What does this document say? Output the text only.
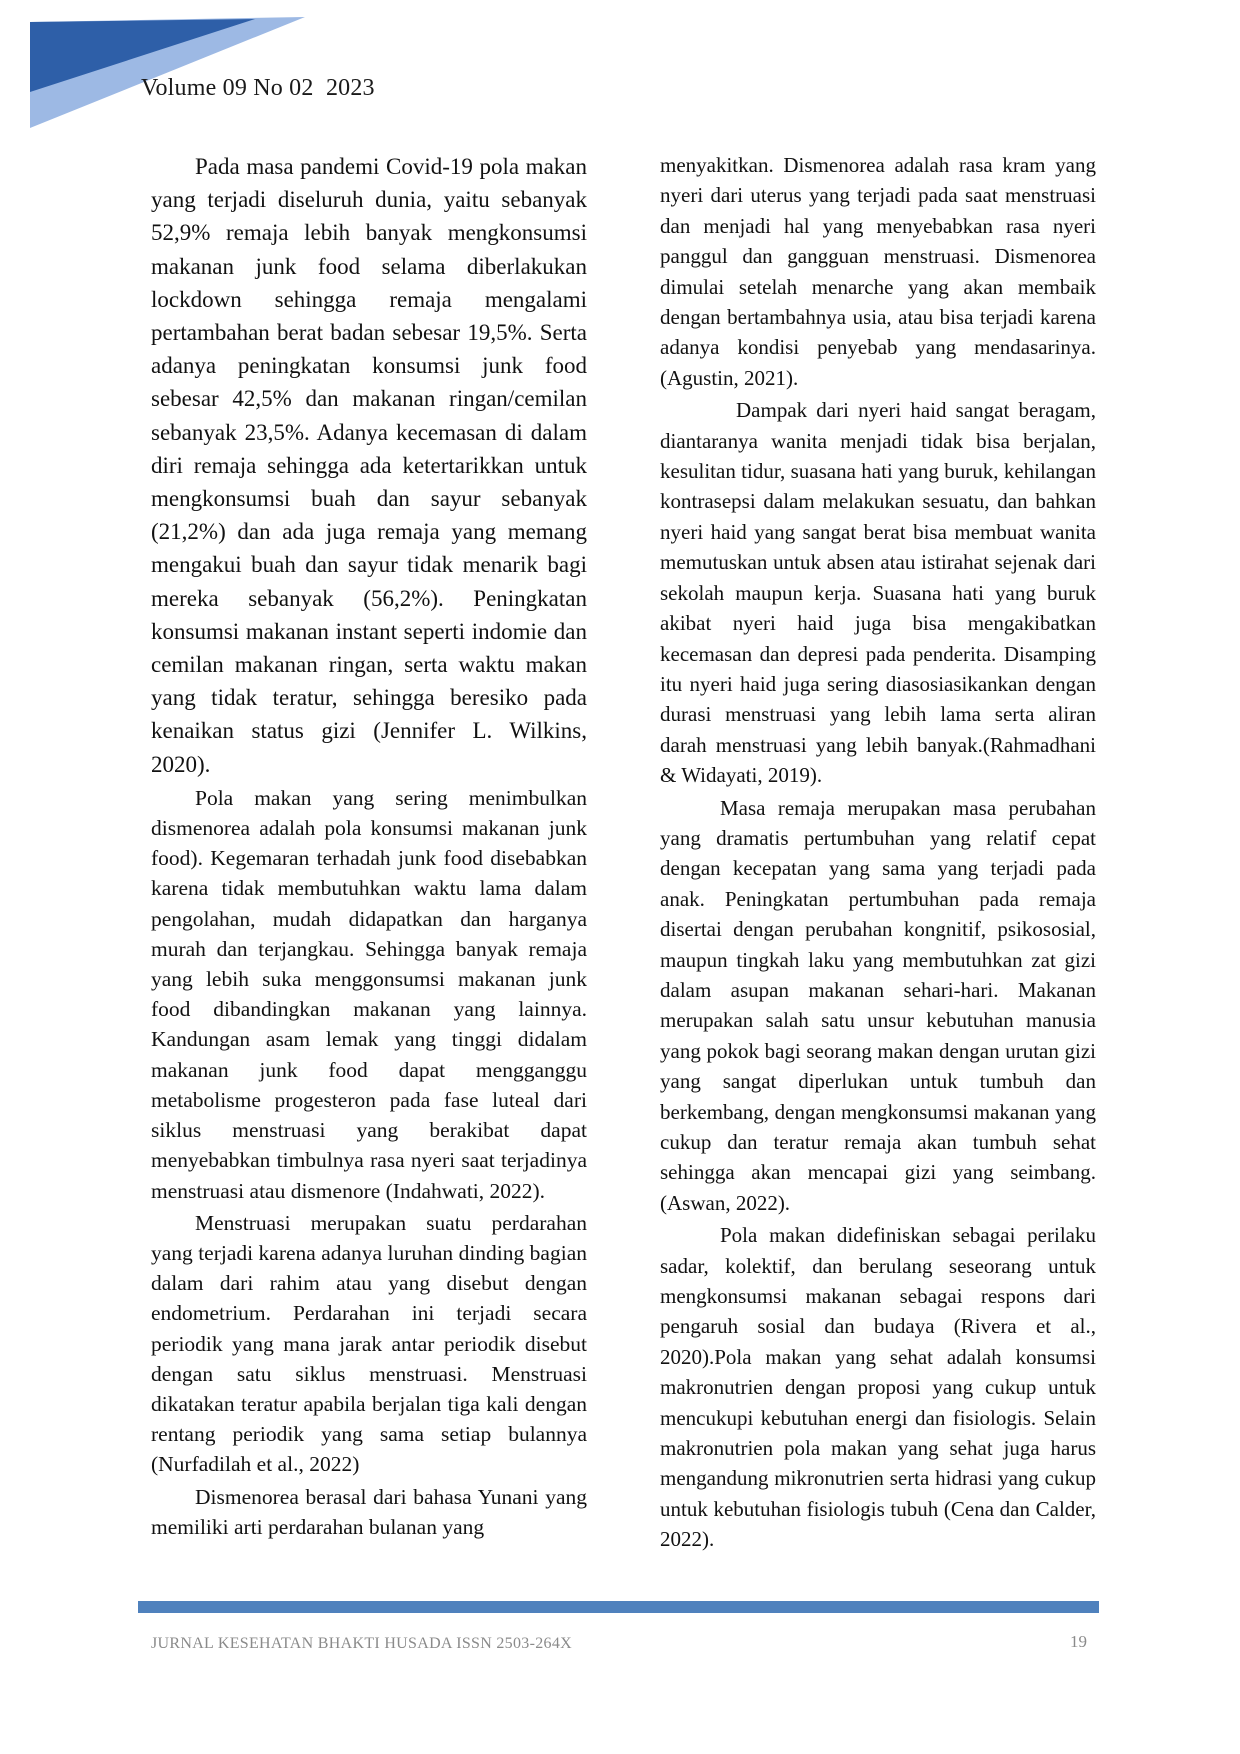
Volume 09 No 02  2023

Pada masa pandemi Covid-19 pola makan yang terjadi diseluruh dunia, yaitu sebanyak 52,9% remaja lebih banyak mengkonsumsi makanan junk food selama diberlakukan lockdown sehingga remaja mengalami pertambahan berat badan sebesar 19,5%. Serta adanya peningkatan konsumsi junk food sebesar 42,5% dan makanan ringan/cemilan sebanyak 23,5%. Adanya kecemasan di dalam diri remaja sehingga ada ketertarikkan untuk mengkonsumsi buah dan sayur sebanyak (21,2%) dan ada juga remaja yang memang mengakui buah dan sayur tidak menarik bagi mereka sebanyak (56,2%). Peningkatan konsumsi makanan instant seperti indomie dan cemilan makanan ringan, serta waktu makan yang tidak teratur, sehingga beresiko pada kenaikan status gizi (Jennifer L. Wilkins, 2020).

Pola makan yang sering menimbulkan dismenorea adalah pola konsumsi makanan junk food). Kegemaran terhadah junk food disebabkan karena tidak membutuhkan waktu lama dalam pengolahan, mudah didapatkan dan harganya murah dan terjangkau. Sehingga banyak remaja yang lebih suka menggonsumsi makanan junk food dibandingkan makanan yang lainnya. Kandungan asam lemak yang tinggi didalam makanan junk food dapat mengganggu metabolisme progesteron pada fase luteal dari siklus menstruasi yang berakibat dapat menyebabkan timbulnya rasa nyeri saat terjadinya menstruasi atau dismenore (Indahwati, 2022).

Menstruasi merupakan suatu perdarahan yang terjadi karena adanya luruhan dinding bagian dalam dari rahim atau yang disebut dengan endometrium. Perdarahan ini terjadi secara periodik yang mana jarak antar periodik disebut dengan satu siklus menstruasi. Menstruasi dikatakan teratur apabila berjalan tiga kali dengan rentang periodik yang sama setiap bulannya (Nurfadilah et al., 2022)

Dismenorea berasal dari bahasa Yunani yang memiliki arti perdarahan bulanan yang

menyakitkan. Dismenorea adalah rasa kram yang nyeri dari uterus yang terjadi pada saat menstruasi dan menjadi hal yang menyebabkan rasa nyeri panggul dan gangguan menstruasi. Dismenorea dimulai setelah menarche yang akan membaik dengan bertambahnya usia, atau bisa terjadi karena adanya kondisi penyebab yang mendasarinya.(Agustin, 2021).

Dampak dari nyeri haid sangat beragam, diantaranya wanita menjadi tidak bisa berjalan, kesulitan tidur, suasana hati yang buruk, kehilangan kontrasepsi dalam melakukan sesuatu, dan bahkan nyeri haid yang sangat berat bisa membuat wanita memutuskan untuk absen atau istirahat sejenak dari sekolah maupun kerja. Suasana hati yang buruk akibat nyeri haid juga bisa mengakibatkan kecemasan dan depresi pada penderita. Disamping itu nyeri haid juga sering diasosiasikankan dengan durasi menstruasi yang lebih lama serta aliran darah menstruasi yang lebih banyak.(Rahmadhani & Widayati, 2019).

Masa remaja merupakan masa perubahan yang dramatis pertumbuhan yang relatif cepat dengan kecepatan yang sama yang terjadi pada anak. Peningkatan pertumbuhan pada remaja disertai dengan perubahan kongnitif, psikososial, maupun tingkah laku yang membutuhkan zat gizi dalam asupan makanan sehari-hari. Makanan merupakan salah satu unsur kebutuhan manusia yang pokok bagi seorang makan dengan urutan gizi yang sangat diperlukan untuk tumbuh dan berkembang, dengan mengkonsumsi makanan yang cukup dan teratur remaja akan tumbuh sehat sehingga akan mencapai gizi yang seimbang. (Aswan, 2022).

Pola makan didefiniskan sebagai perilaku sadar, kolektif, dan berulang seseorang untuk mengkonsumsi makanan sebagai respons dari pengaruh sosial dan budaya (Rivera et al., 2020).Pola makan yang sehat adalah konsumsi makronutrien dengan proposi yang cukup untuk mencukupi kebutuhan energi dan fisiologis. Selain makronutrien pola makan yang sehat juga harus mengandung mikronutrien serta hidrasi yang cukup untuk kebutuhan fisiologis tubuh (Cena dan Calder, 2022).

JURNAL KESEHATAN BHAKTI HUSADA ISSN 2503-264X	19
